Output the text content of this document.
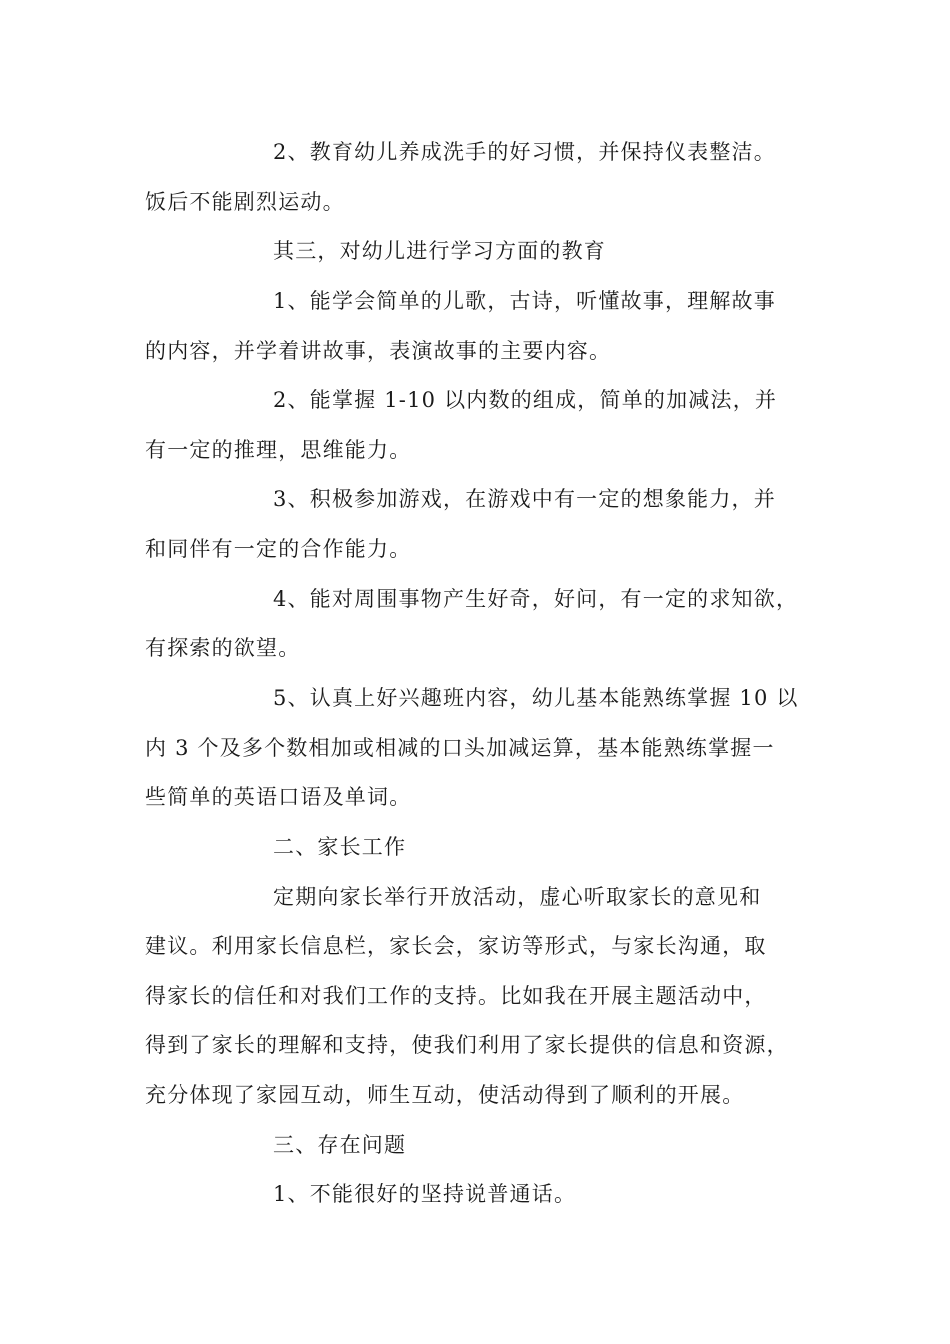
2、教育幼儿养成洗手的好习惯，并保持仪表整洁。
饭后不能剧烈运动。
其三，对幼儿进行学习方面的教育
1、能学会简单的儿歌，古诗，听懂故事，理解故事
的内容，并学着讲故事，表演故事的主要内容。
2、能掌握 1-10 以内数的组成，简单的加减法，并
有一定的推理，思维能力。
3、积极参加游戏，在游戏中有一定的想象能力，并
和同伴有一定的合作能力。
4、能对周围事物产生好奇，好问，有一定的求知欲，
有探索的欲望。
5、认真上好兴趣班内容，幼儿基本能熟练掌握 10 以
内 3 个及多个数相加或相减的口头加减运算，基本能熟练掌握一
些简单的英语口语及单词。
二、家长工作
定期向家长举行开放活动，虚心听取家长的意见和
建议。利用家长信息栏，家长会，家访等形式，与家长沟通，取
得家长的信任和对我们工作的支持。比如我在开展主题活动中，
得到了家长的理解和支持，使我们利用了家长提供的信息和资源，
充分体现了家园互动，师生互动，使活动得到了顺利的开展。
三、存在问题
1、不能很好的坚持说普通话。
